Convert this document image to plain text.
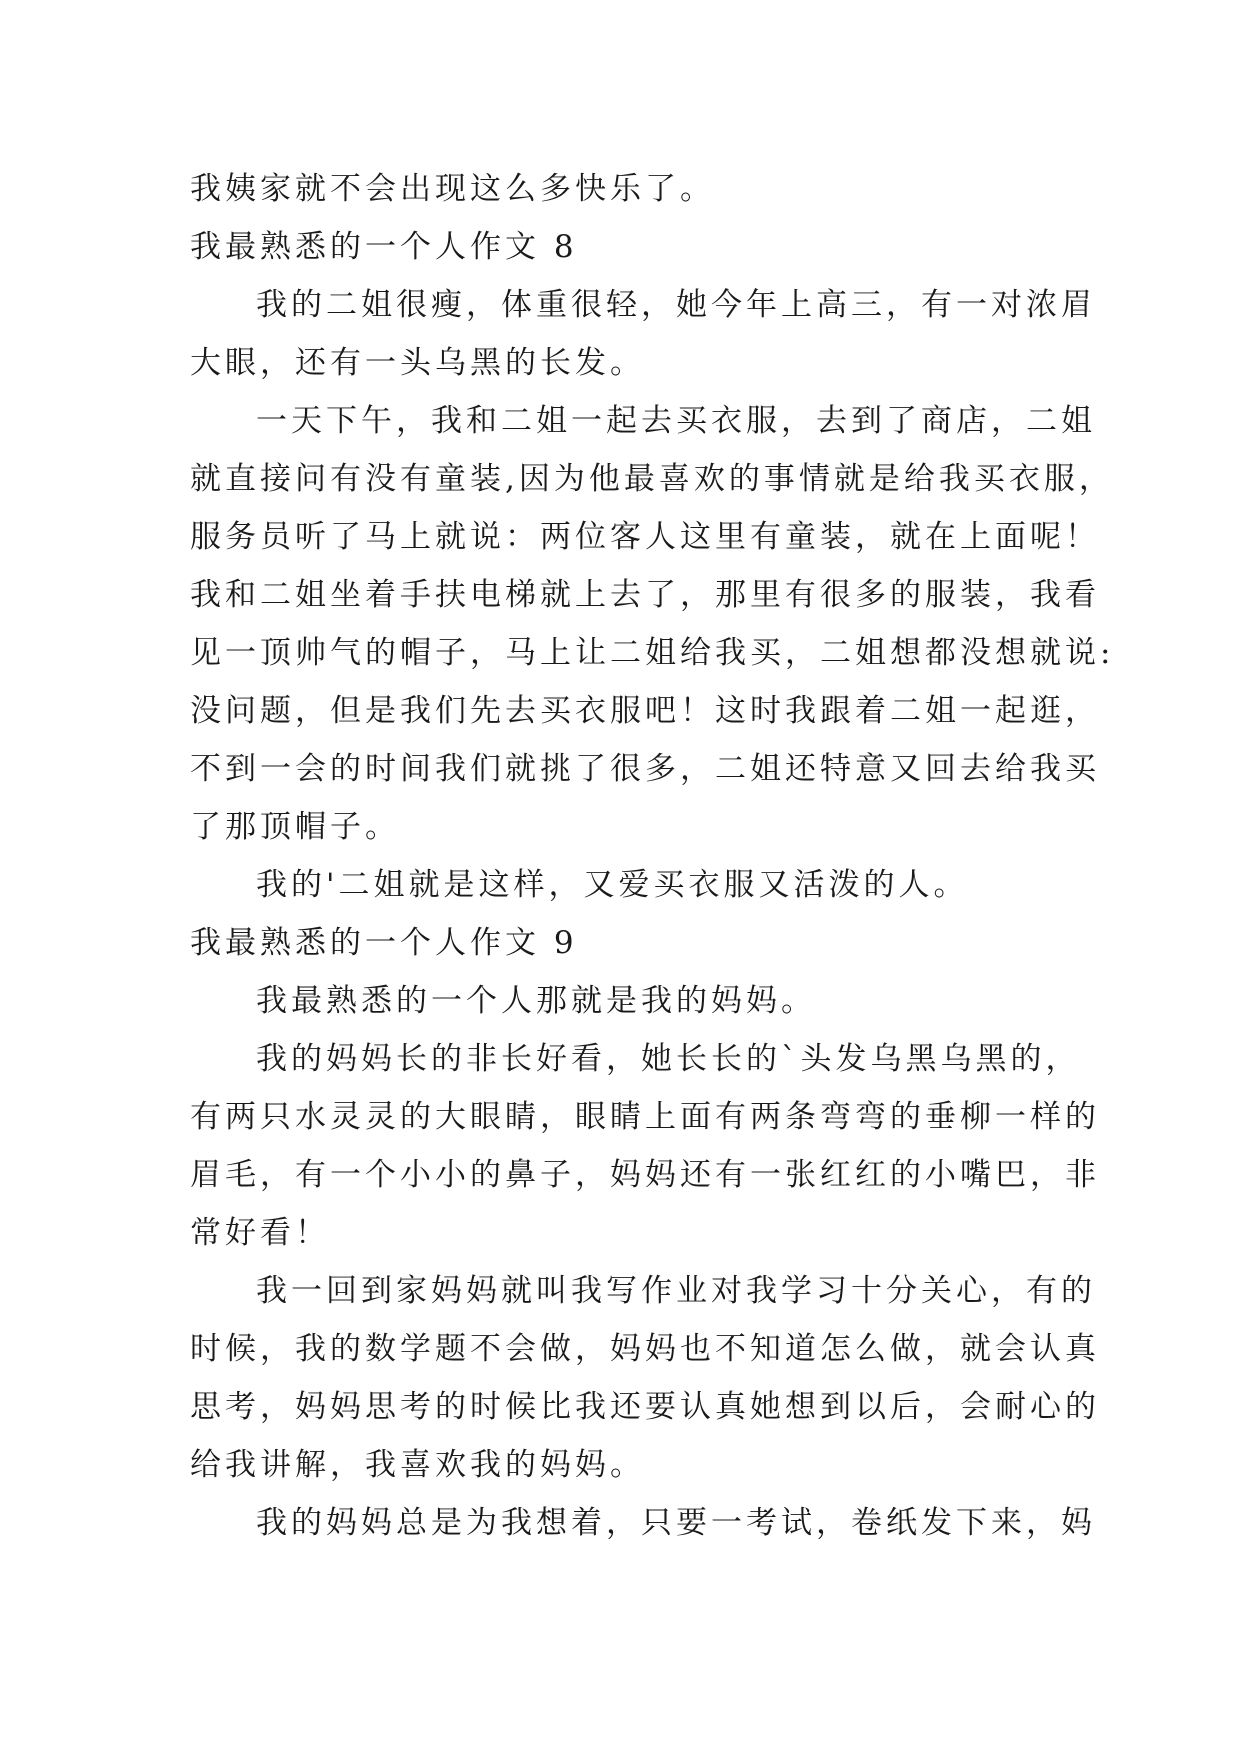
我姨家就不会出现这么多快乐了。
我最熟悉的一个人作文 8
我的二姐很瘦，体重很轻，她今年上高三，有一对浓眉
大眼，还有一头乌黑的长发。
一天下午，我和二姐一起去买衣服，去到了商店，二姐
就直接问有没有童装,因为他最喜欢的事情就是给我买衣服，
服务员听了马上就说：两位客人这里有童装，就在上面呢！
我和二姐坐着手扶电梯就上去了，那里有很多的服装，我看
见一顶帅气的帽子，马上让二姐给我买，二姐想都没想就说:
没问题，但是我们先去买衣服吧！这时我跟着二姐一起逛，
不到一会的时间我们就挑了很多，二姐还特意又回去给我买
了那顶帽子。
我的'二姐就是这样，又爱买衣服又活泼的人。
我最熟悉的一个人作文 9
我最熟悉的一个人那就是我的妈妈。
我的妈妈长的非长好看，她长长的`头发乌黑乌黑的，
有两只水灵灵的大眼睛，眼睛上面有两条弯弯的垂柳一样的
眉毛，有一个小小的鼻子，妈妈还有一张红红的小嘴巴，非
常好看！
我一回到家妈妈就叫我写作业对我学习十分关心，有的
时候，我的数学题不会做，妈妈也不知道怎么做，就会认真
思考，妈妈思考的时候比我还要认真她想到以后，会耐心的
给我讲解，我喜欢我的妈妈。
我的妈妈总是为我想着，只要一考试，卷纸发下来，妈
